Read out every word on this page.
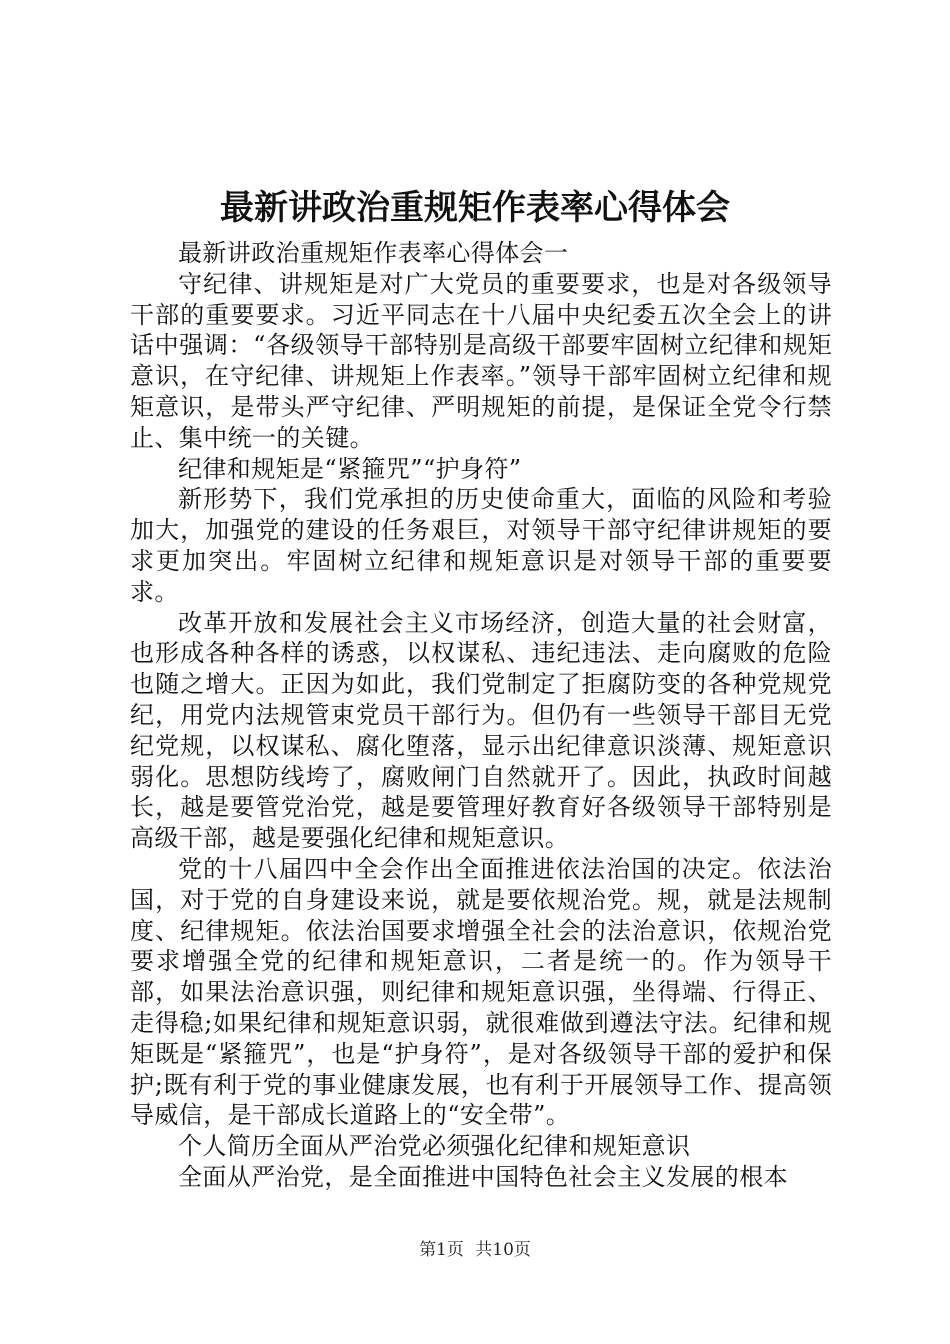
最新讲政治重规矩作表率心得体会

最新讲政治重规矩作表率心得体会一

守纪律、讲规矩是对广大党员的重要要求，也是对各级领导干部的重要要求。习近平同志在十八届中央纪委五次全会上的讲话中强调：“各级领导干部特别是高级干部要牢固树立纪律和规矩意识，在守纪律、讲规矩上作表率。”领导干部牢固树立纪律和规矩意识，是带头严守纪律、严明规矩的前提，是保证全党令行禁止、集中统一的关键。

纪律和规矩是“紧箍咒”“护身符”

新形势下，我们党承担的历史使命重大，面临的风险和考验加大，加强党的建设的任务艰巨，对领导干部守纪律讲规矩的要求更加突出。牢固树立纪律和规矩意识是对领导干部的重要要求。

改革开放和发展社会主义市场经济，创造大量的社会财富，也形成各种各样的诱惑，以权谋私、违纪违法、走向腐败的危险也随之增大。正因为如此，我们党制定了拒腐防变的各种党规党纪，用党内法规管束党员干部行为。但仍有一些领导干部目无党纪党规，以权谋私、腐化堕落，显示出纪律意识淡薄、规矩意识弱化。思想防线垮了，腐败闸门自然就开了。因此，执政时间越长，越是要管党治党，越是要管理好教育好各级领导干部特别是高级干部，越是要强化纪律和规矩意识。

党的十八届四中全会作出全面推进依法治国的决定。依法治国，对于党的自身建设来说，就是要依规治党。规，就是法规制度、纪律规矩。依法治国要求增强全社会的法治意识，依规治党要求增强全党的纪律和规矩意识，二者是统一的。作为领导干部，如果法治意识强，则纪律和规矩意识强，坐得端、行得正、走得稳;如果纪律和规矩意识弱，就很难做到遵法守法。纪律和规矩既是“紧箍咒”，也是“护身符”，是对各级领导干部的爱护和保护;既有利于党的事业健康发展，也有利于开展领导工作、提高领导威信，是干部成长道路上的“安全带”。

个人简历全面从严治党必须强化纪律和规矩意识

全面从严治党，是全面推进中国特色社会主义发展的根本

第1页 共10页
